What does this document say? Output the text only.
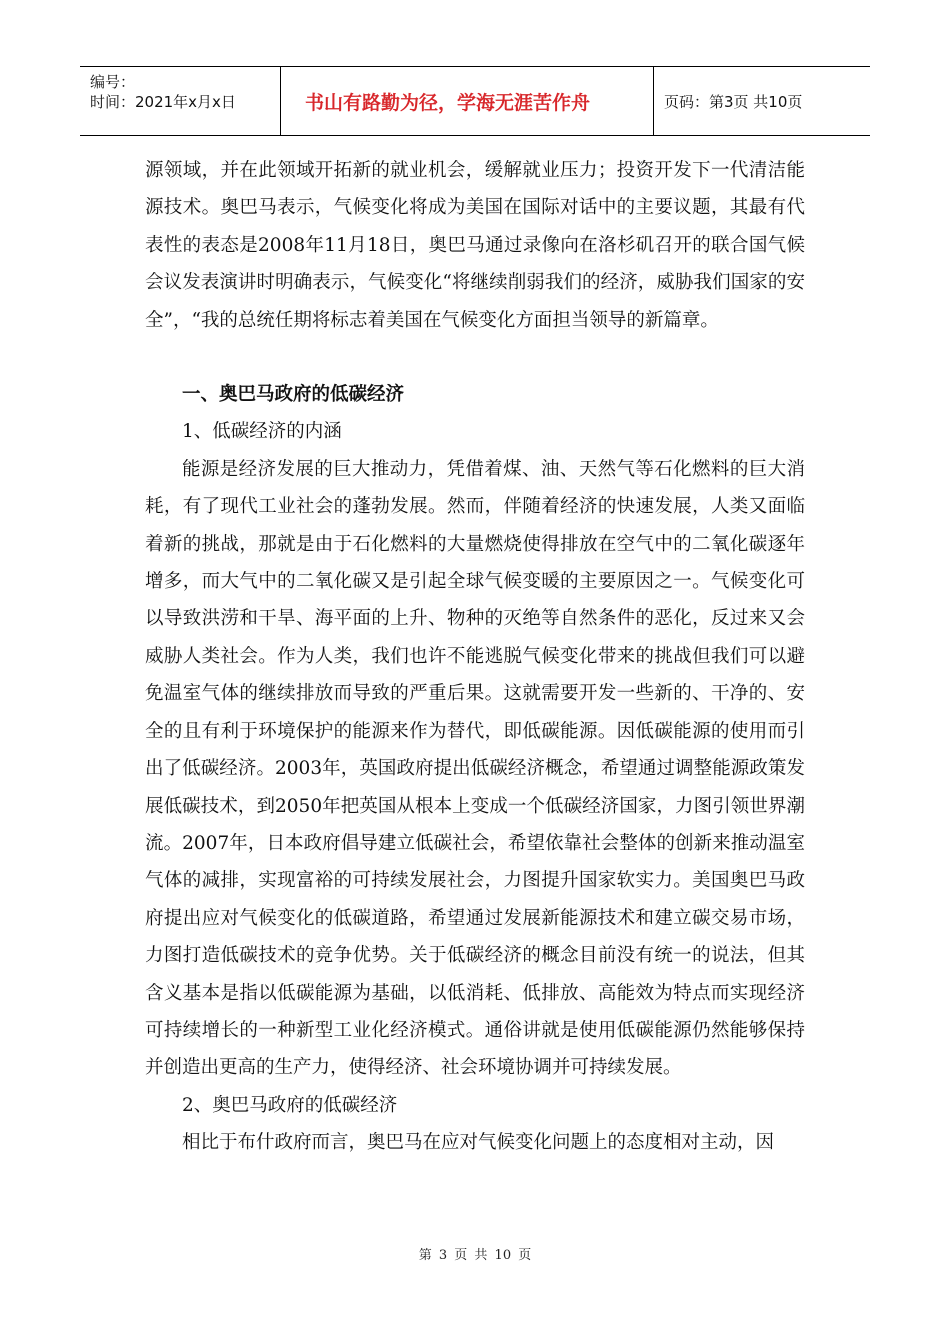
编号：
时间：2021年x月x日	书山有路勤为径，学海无涯苦作舟	页码：第3页 共10页

源领域，并在此领域开拓新的就业机会，缓解就业压力；投资开发下一代清洁能源技术。奥巴马表示，气候变化将成为美国在国际对话中的主要议题，其最有代表性的表态是2008年11月18日，奥巴马通过录像向在洛杉矶召开的联合国气候会议发表演讲时明确表示，气候变化“将继续削弱我们的经济，威胁我们国家的安全”，“我的总统任期将标志着美国在气候变化方面担当领导的新篇章。

一、奥巴马政府的低碳经济

1、低碳经济的内涵

能源是经济发展的巨大推动力，凭借着煤、油、天然气等石化燃料的巨大消耗，有了现代工业社会的蓬勃发展。然而，伴随着经济的快速发展，人类又面临着新的挑战，那就是由于石化燃料的大量燃烧使得排放在空气中的二氧化碳逐年增多，而大气中的二氧化碳又是引起全球气候变暖的主要原因之一。气候变化可以导致洪涝和干旱、海平面的上升、物种的灭绝等自然条件的恶化，反过来又会威胁人类社会。作为人类，我们也许不能逃脱气候变化带来的挑战但我们可以避免温室气体的继续排放而导致的严重后果。这就需要开发一些新的、干净的、安全的且有利于环境保护的能源来作为替代，即低碳能源。因低碳能源的使用而引出了低碳经济。2003年，英国政府提出低碳经济概念，希望通过调整能源政策发展低碳技术，到2050年把英国从根本上变成一个低碳经济国家，力图引领世界潮流。2007年，日本政府倡导建立低碳社会，希望依靠社会整体的创新来推动温室气体的减排，实现富裕的可持续发展社会，力图提升国家软实力。美国奥巴马政府提出应对气候变化的低碳道路，希望通过发展新能源技术和建立碳交易市场，力图打造低碳技术的竞争优势。关于低碳经济的概念目前没有统一的说法，但其含义基本是指以低碳能源为基础，以低消耗、低排放、高能效为特点而实现经济可持续增长的一种新型工业化经济模式。通俗讲就是使用低碳能源仍然能够保持并创造出更高的生产力，使得经济、社会环境协调并可持续发展。

2、奥巴马政府的低碳经济

相比于布什政府而言，奥巴马在应对气候变化问题上的态度相对主动，因

第 3 页 共 10 页
